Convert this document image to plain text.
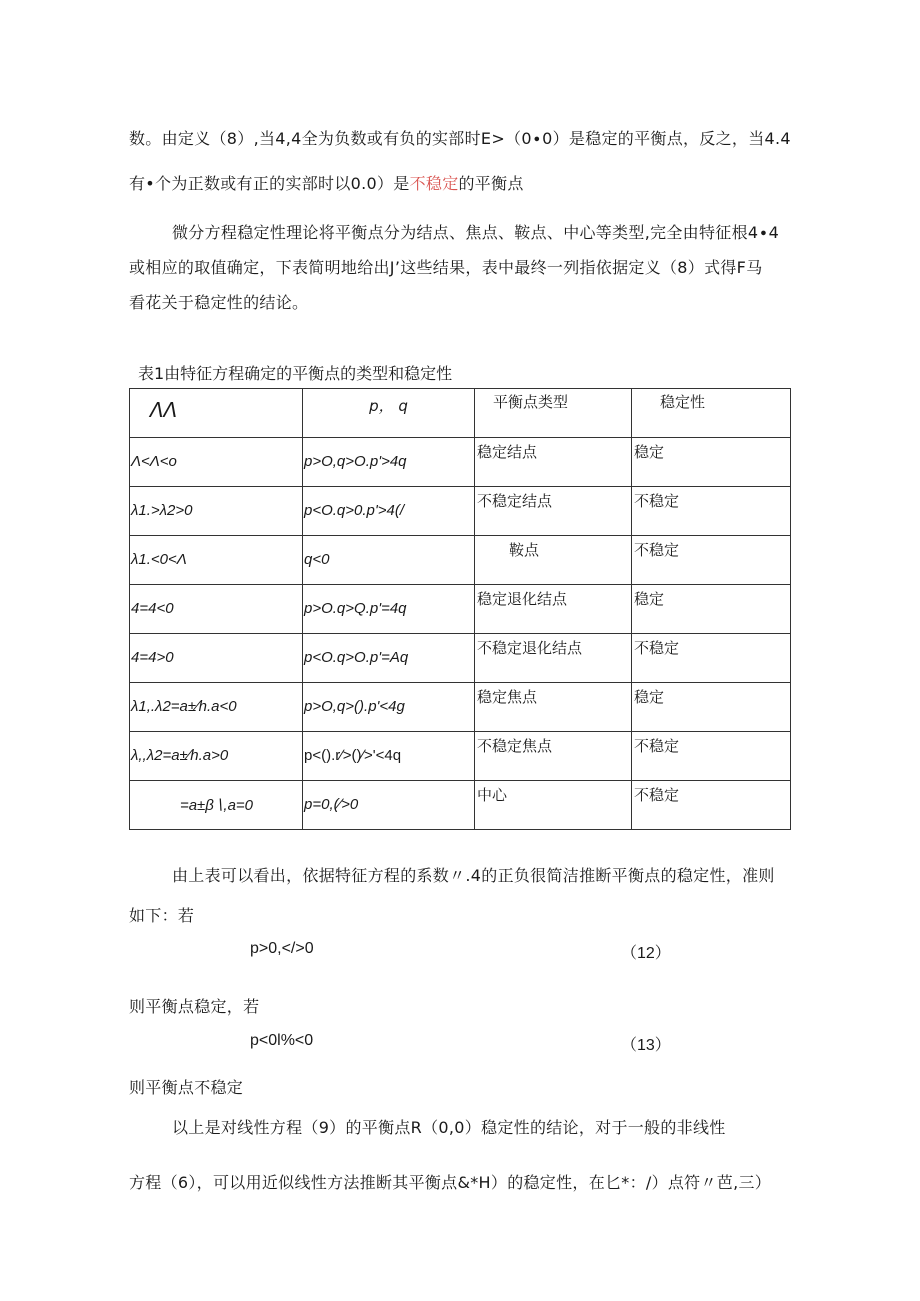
数。由定义（8）,当4,4全为负数或有负的实部时E>（0∙0）是稳定的平衡点，反之，当4.4
有•个为正数或有正的实部时以0.0）是不稳定的平衡点
微分方程稳定性理论将平衡点分为结点、焦点、鞍点、中心等类型,完全由特征根4∙4
或相应的取值确定，下表简明地给出J’这些结果，表中最终一列指依据定义（8）式得F马
看花关于稳定性的结论。
表1由特征方程确定的平衡点的类型和稳定性
ΛΛ	p， q	平衡点类型	稳定性

Λ<Λ<o	p>O,q>O.p'>4q	稳定结点	稳定

λ1.>λ2>0	p<O.q>0.p'>4(/	不稳定结点	不稳定

λ1.<0<Λ	q<0	鞍点	不稳定

4=4<0	p>O.q>Q.p'=4q	稳定退化结点	稳定

4=4>0	p<O.q>O.p'=Aq	不稳定退化结点	不稳定

λ1,.λ2=a±∕h.a<0	p>O,q>().p'<4g	稳定焦点	稳定

λ,,λ2=a±∕h.a>0	p<().r∕>()∕>'<4q	不稳定焦点	不稳定

=a±β∖,a=0	p=0,(∕>0	中心	不稳定
由上表可以看出，依据特征方程的系数〃.4的正负很简洁推断平衡点的稳定性，准则
如下：若
p>0,</>0	（12）
则平衡点稳定，若
p<0l%<0	（13）
则平衡点不稳定
以上是对线性方程（9）的平衡点R（0,0）稳定性的结论，对于一般的非线性
方程（6），可以用近似线性方法推断其平衡点&*H）的稳定性，在匕*：/）点符〃芭,三）
